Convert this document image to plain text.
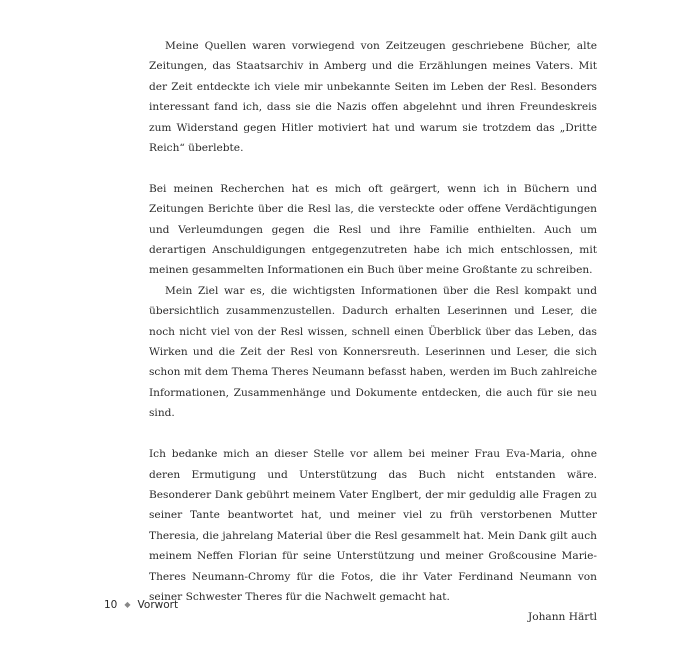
Meine Quellen waren vorwiegend von Zeitzeugen geschriebene Bücher, alte Zeitungen, das Staatsarchiv in Amberg und die Erzählungen meines Vaters. Mit der Zeit entdeckte ich viele mir unbekannte Seiten im Leben der Resl. Besonders interessant fand ich, dass sie die Nazis offen abgelehnt und ihren Freundeskreis zum Widerstand gegen Hitler motiviert hat und warum sie trotzdem das „Dritte Reich“ überlebte.

Bei meinen Recherchen hat es mich oft geärgert, wenn ich in Büchern und Zeitungen Berichte über die Resl las, die versteckte oder offene Verdächtigungen und Verleumdungen gegen die Resl und ihre Familie enthielten. Auch um derartigen Anschuldigungen entgegenzutreten habe ich mich entschlossen, mit meinen gesammelten Informationen ein Buch über meine Großtante zu schreiben.

Mein Ziel war es, die wichtigsten Informationen über die Resl kompakt und übersichtlich zusammenzustellen. Dadurch erhalten Leserinnen und Leser, die noch nicht viel von der Resl wissen, schnell einen Überblick über das Leben, das Wirken und die Zeit der Resl von Konnersreuth. Leserinnen und Leser, die sich schon mit dem Thema Theres Neumann befasst haben, werden im Buch zahlreiche Informationen, Zusammenhänge und Dokumente entdecken, die auch für sie neu sind.

Ich bedanke mich an dieser Stelle vor allem bei meiner Frau Eva-Maria, ohne deren Ermutigung und Unterstützung das Buch nicht entstanden wäre. Besonderer Dank gebührt meinem Vater Englbert, der mir geduldig alle Fragen zu seiner Tante beantwortet hat, und meiner viel zu früh verstorbenen Mutter Theresia, die jahrelang Material über die Resl gesammelt hat. Mein Dank gilt auch meinem Neffen Florian für seine Unterstützung und meiner Großcousine Marie-Theres Neumann-Chromy für die Fotos, die ihr Vater Ferdinand Neumann von seiner Schwester Theres für die Nachwelt gemacht hat.

Johann Härtl

10 ◆ Vorwort
